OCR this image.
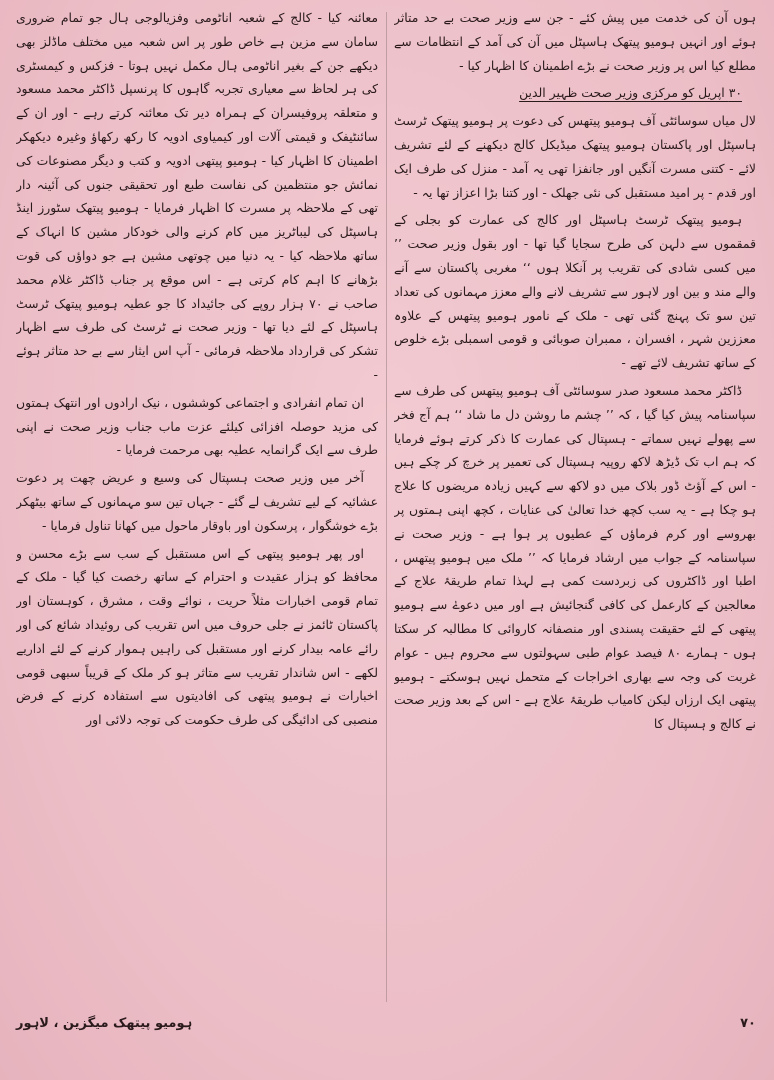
ہوں آن کی خدمت میں پیش کئے - جن سے وزیر صحت بے حد متاثر ہوئے اور انہیں ہومیو پیتھک ہاسپٹل میں آن کی آمد کے انتظامات سے مطلع کیا اس پر وزیر صحت نے بڑے اطمینان کا اظہار کیا -

۳۰ اپریل کو مرکزی وزیر صحت ظہیر الدین

لال میاں سوسائٹی آف ہومیو پیتھس کی دعوت پر ہومیو پیتھک ٹرسٹ ہاسپٹل اور پاکستان ہومیو پیتھک میڈیکل کالج دیکھنے کے لئے تشریف لائے - کتنی مسرت آنگیں اور جانفزا تھی یہ آمد - منزل کی طرف ایک اور قدم - پر امید مستقبل کی نئی جھلک - اور کتنا بڑا اعزاز تھا یہ -

ہومیو پیتھک ٹرسٹ ہاسپٹل اور کالج کی عمارت کو بجلی کے قمقموں سے دلہن کی طرح سجایا گیا تھا - اور بقول وزیر صحت ’’ میں کسی شادی کی تقریب پر آنکلا ہوں ‘‘ مغربی پاکستان سے آنے والے مند و بین اور لاہور سے تشریف لانے والے معزز مہمانوں کی تعداد تین سو تک پہنچ گئی تھی - ملک کے نامور ہومیو پیتھس کے علاوہ معززین شہر ، افسران ، ممبران صوبائی و قومی اسمبلی بڑے خلوص کے ساتھ تشریف لائے تھے -

ڈاکٹر محمد مسعود صدر سوسائٹی آف ہومیو پیتھس کی طرف سے سپاسنامہ پیش کیا گیا ، کہ ’’ چشم ما روشن دل ما شاد ‘‘ ہم آج فخر سے پھولے نہیں سماتے - ہسپتال کی عمارت کا ذکر کرتے ہوئے فرمایا کہ ہم اب تک ڈیڑھ لاکھ روپیہ ہسپتال کی تعمیر پر خرچ کر چکے ہیں - اس کے آؤٹ ڈور بلاک میں دو لاکھ سے کہیں زیادہ مریضوں کا علاج ہو چکا ہے - یہ سب کچھ خدا تعالیٰ کی عنایات ، کچھ اپنی ہمتوں پر بھروسے اور کرم فرماؤں کے عطیوں پر ہوا ہے - وزیر صحت نے سپاسنامہ کے جواب میں ارشاد فرمایا کہ ’’ ملک میں ہومیو پیتھس ، اطبا اور ڈاکٹروں کی زبردست کمی ہے لہذا تمام طریقۂ علاج کے معالجین کے کارعمل کی کافی گنجائیش ہے اور میں دعوےٰ سے ہومیو پیتھی کے لئے حقیقت پسندی اور منصفانہ کاروائی کا مطالبہ کر سکتا ہوں - ہمارے ۸۰ فیصد عوام طبی سہولتوں سے محروم ہیں - عوام غربت کی وجہ سے بھاری اخراجات کے متحمل نہیں ہوسکتے - ہومیو پیتھی ایک ارزاں لیکن کامیاب طریقۂ علاج ہے - اس کے بعد وزیر صحت نے کالج و ہسپتال کا

معائنہ کیا - کالج کے شعبہ اناٹومی وفزیالوجی ہال جو تمام ضروری سامان سے مزین ہے خاص طور پر اس شعبہ میں مختلف ماڈلز بھی دیکھے جن کے بغیر اناٹومی ہال مکمل نہیں ہوتا - فزکس و کیمسٹری کی ہر لحاظ سے معیاری تجربہ گاہوں کا پرنسپل ڈاکٹر محمد مسعود و متعلقہ پروفیسران کے ہمراہ دیر تک معائنہ کرتے رہے - اور ان کے سائنٹیفک و قیمتی آلات اور کیمیاوی ادویہ کا رکھ رکھاؤ وغیرہ دیکھکر اطمینان کا اظہار کیا - ہومیو پیتھی ادویہ و کتب و دیگر مصنوعات کی نمائش جو منتظمین کی نفاست طبع اور تحقیقی جنوں کی آئینہ دار تھی کے ملاحظہ پر مسرت کا اظہار فرمایا - ہومیو پیتھک سٹورز اینڈ ہاسپٹل کی لیباٹریز میں کام کرنے والی خودکار مشین کا انہاک کے ساتھ ملاحظہ کیا - یہ دنیا میں چوتھی مشین ہے جو دواؤں کی قوت بڑھانے کا اہم کام کرتی ہے - اس موقع پر جناب ڈاکٹر غلام محمد صاحب نے ۷۰ ہزار روپے کی جائیداد کا جو عطیہ ہومیو پیتھک ٹرسٹ ہاسپٹل کے لئے دیا تھا - وزیر صحت نے ٹرسٹ کی طرف سے اظہار تشکر کی قرارداد ملاحظہ فرمائی - آپ اس ایثار سے بے حد متاثر ہوئے -

ان تمام انفرادی و اجتماعی کوششوں ، نیک ارادوں اور انتھک ہمتوں کی مزید حوصلہ افزائی کیلئے عزت ماب جناب وزیر صحت نے اپنی طرف سے ایک گرانمایہ عطیہ بھی مرحمت فرمایا -

آخر میں وزیر صحت ہسپتال کی وسیع و عریض چھت پر دعوت عشائیہ کے لیے تشریف لے گئے - جہاں تین سو مہمانوں کے ساتھ بیٹھکر بڑے خوشگوار ، پرسکون اور باوقار ماحول میں کھانا تناول فرمایا -

اور پھر ہومیو پیتھی کے اس مستقبل کے سب سے بڑے محسن و محافظ کو ہزار عقیدت و احترام کے ساتھ رخصت کیا گیا - ملک کے تمام قومی اخبارات مثلاً حریت ، نوائے وقت ، مشرق ، کوہستان اور پاکستان ٹائمز نے جلی حروف میں اس تقریب کی روئیداد شائع کی اور رائے عامہ بیدار کرنے اور مستقبل کی راہیں ہموار کرنے کے لئے اداریے لکھے - اس شاندار تقریب سے متاثر ہو کر ملک کے قریباً سبھی قومی اخبارات نے ہومیو پیتھی کی افادیتوں سے استفادہ کرنے کے فرض منصبی کی ادائیگی کی طرف حکومت کی توجہ دلائی اور

ہومیو پیتھک میگزین ، لاہور	۷۰
